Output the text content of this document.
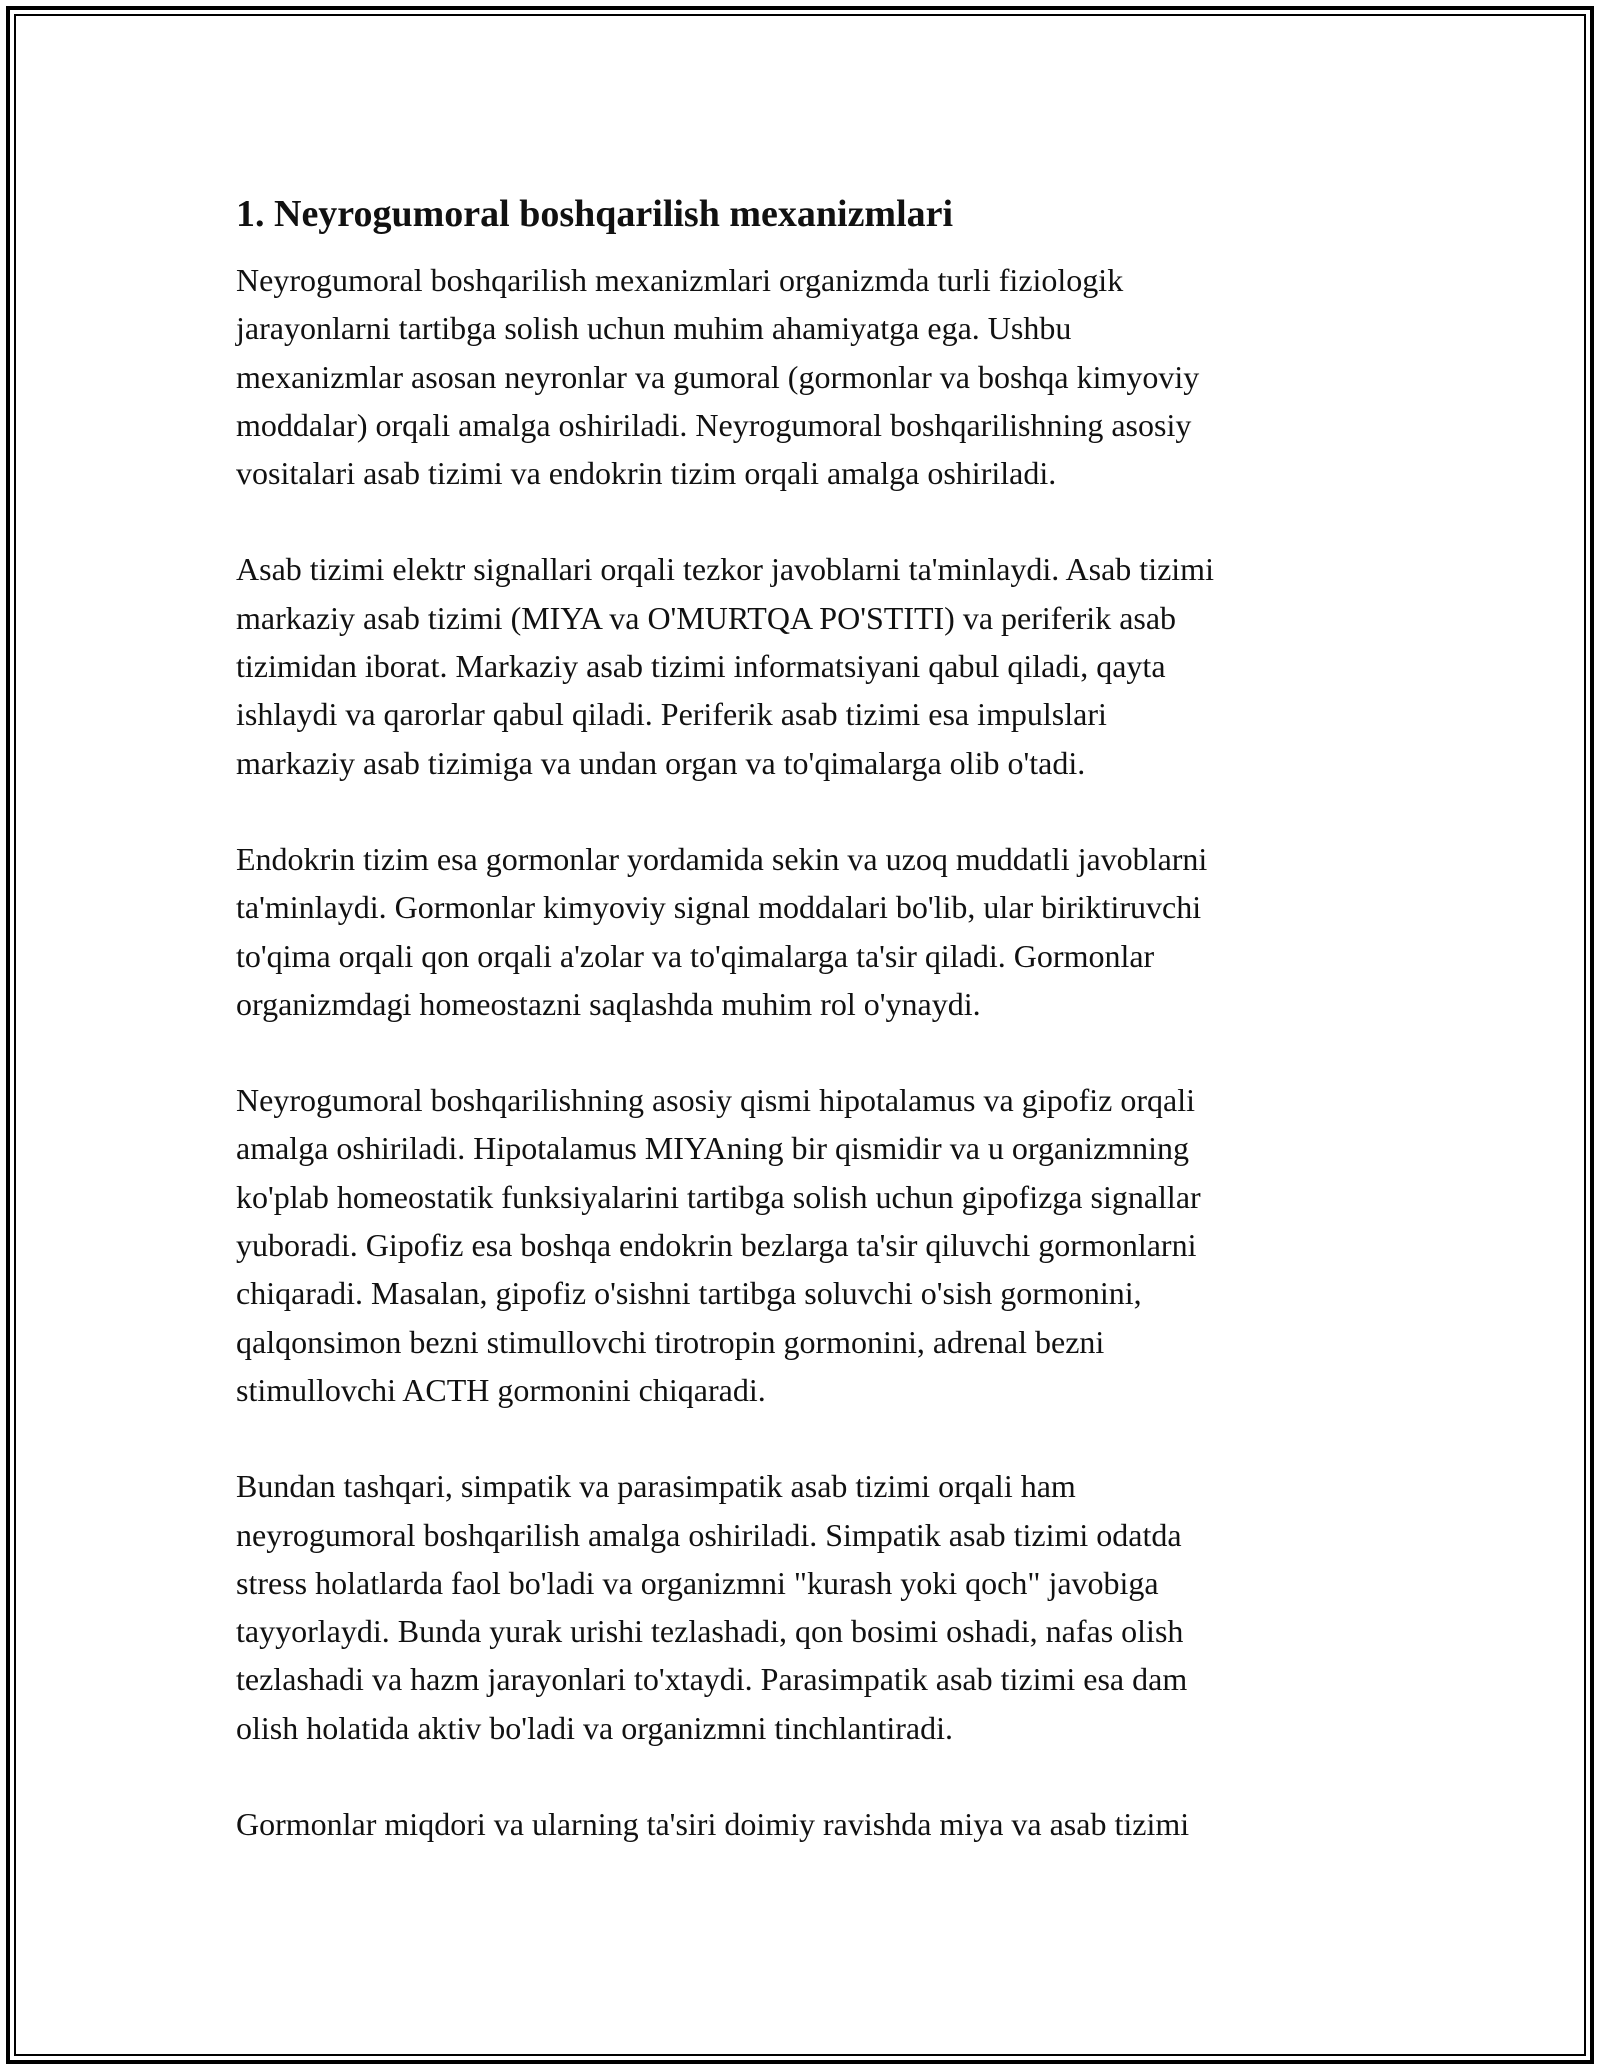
1. Neyrogumoral boshqarilish mexanizmlari

Neyrogumoral boshqarilish mexanizmlari organizmda turli fiziologik
jarayonlarni tartibga solish uchun muhim ahamiyatga ega. Ushbu
mexanizmlar asosan neyronlar va gumoral (gormonlar va boshqa kimyoviy
moddalar) orqali amalga oshiriladi. Neyrogumoral boshqarilishning asosiy
vositalari asab tizimi va endokrin tizim orqali amalga oshiriladi.

Asab tizimi elektr signallari orqali tezkor javoblarni ta'minlaydi. Asab tizimi
markaziy asab tizimi (MIYA va O'MURTQA PO'STITI) va periferik asab
tizimidan iborat. Markaziy asab tizimi informatsiyani qabul qiladi, qayta
ishlaydi va qarorlar qabul qiladi. Periferik asab tizimi esa impulslari
markaziy asab tizimiga va undan organ va to'qimalarga olib o'tadi.

Endokrin tizim esa gormonlar yordamida sekin va uzoq muddatli javoblarni
ta'minlaydi. Gormonlar kimyoviy signal moddalari bo'lib, ular biriktiruvchi
to'qima orqali qon orqali a'zolar va to'qimalarga ta'sir qiladi. Gormonlar
organizmdagi homeostazni saqlashda muhim rol o'ynaydi.

Neyrogumoral boshqarilishning asosiy qismi hipotalamus va gipofiz orqali
amalga oshiriladi. Hipotalamus MIYAning bir qismidir va u organizmning
ko'plab homeostatik funksiyalarini tartibga solish uchun gipofizga signallar
yuboradi. Gipofiz esa boshqa endokrin bezlarga ta'sir qiluvchi gormonlarni
chiqaradi. Masalan, gipofiz o'sishni tartibga soluvchi o'sish gormonini,
qalqonsimon bezni stimullovchi tirotropin gormonini, adrenal bezni
stimullovchi ACTH gormonini chiqaradi.

Bundan tashqari, simpatik va parasimpatik asab tizimi orqali ham
neyrogumoral boshqarilish amalga oshiriladi. Simpatik asab tizimi odatda
stress holatlarda faol bo'ladi va organizmni "kurash yoki qoch" javobiga
tayyorlaydi. Bunda yurak urishi tezlashadi, qon bosimi oshadi, nafas olish
tezlashadi va hazm jarayonlari to'xtaydi. Parasimpatik asab tizimi esa dam
olish holatida aktiv bo'ladi va organizmni tinchlantiradi.

Gormonlar miqdori va ularning ta'siri doimiy ravishda miya va asab tizimi
